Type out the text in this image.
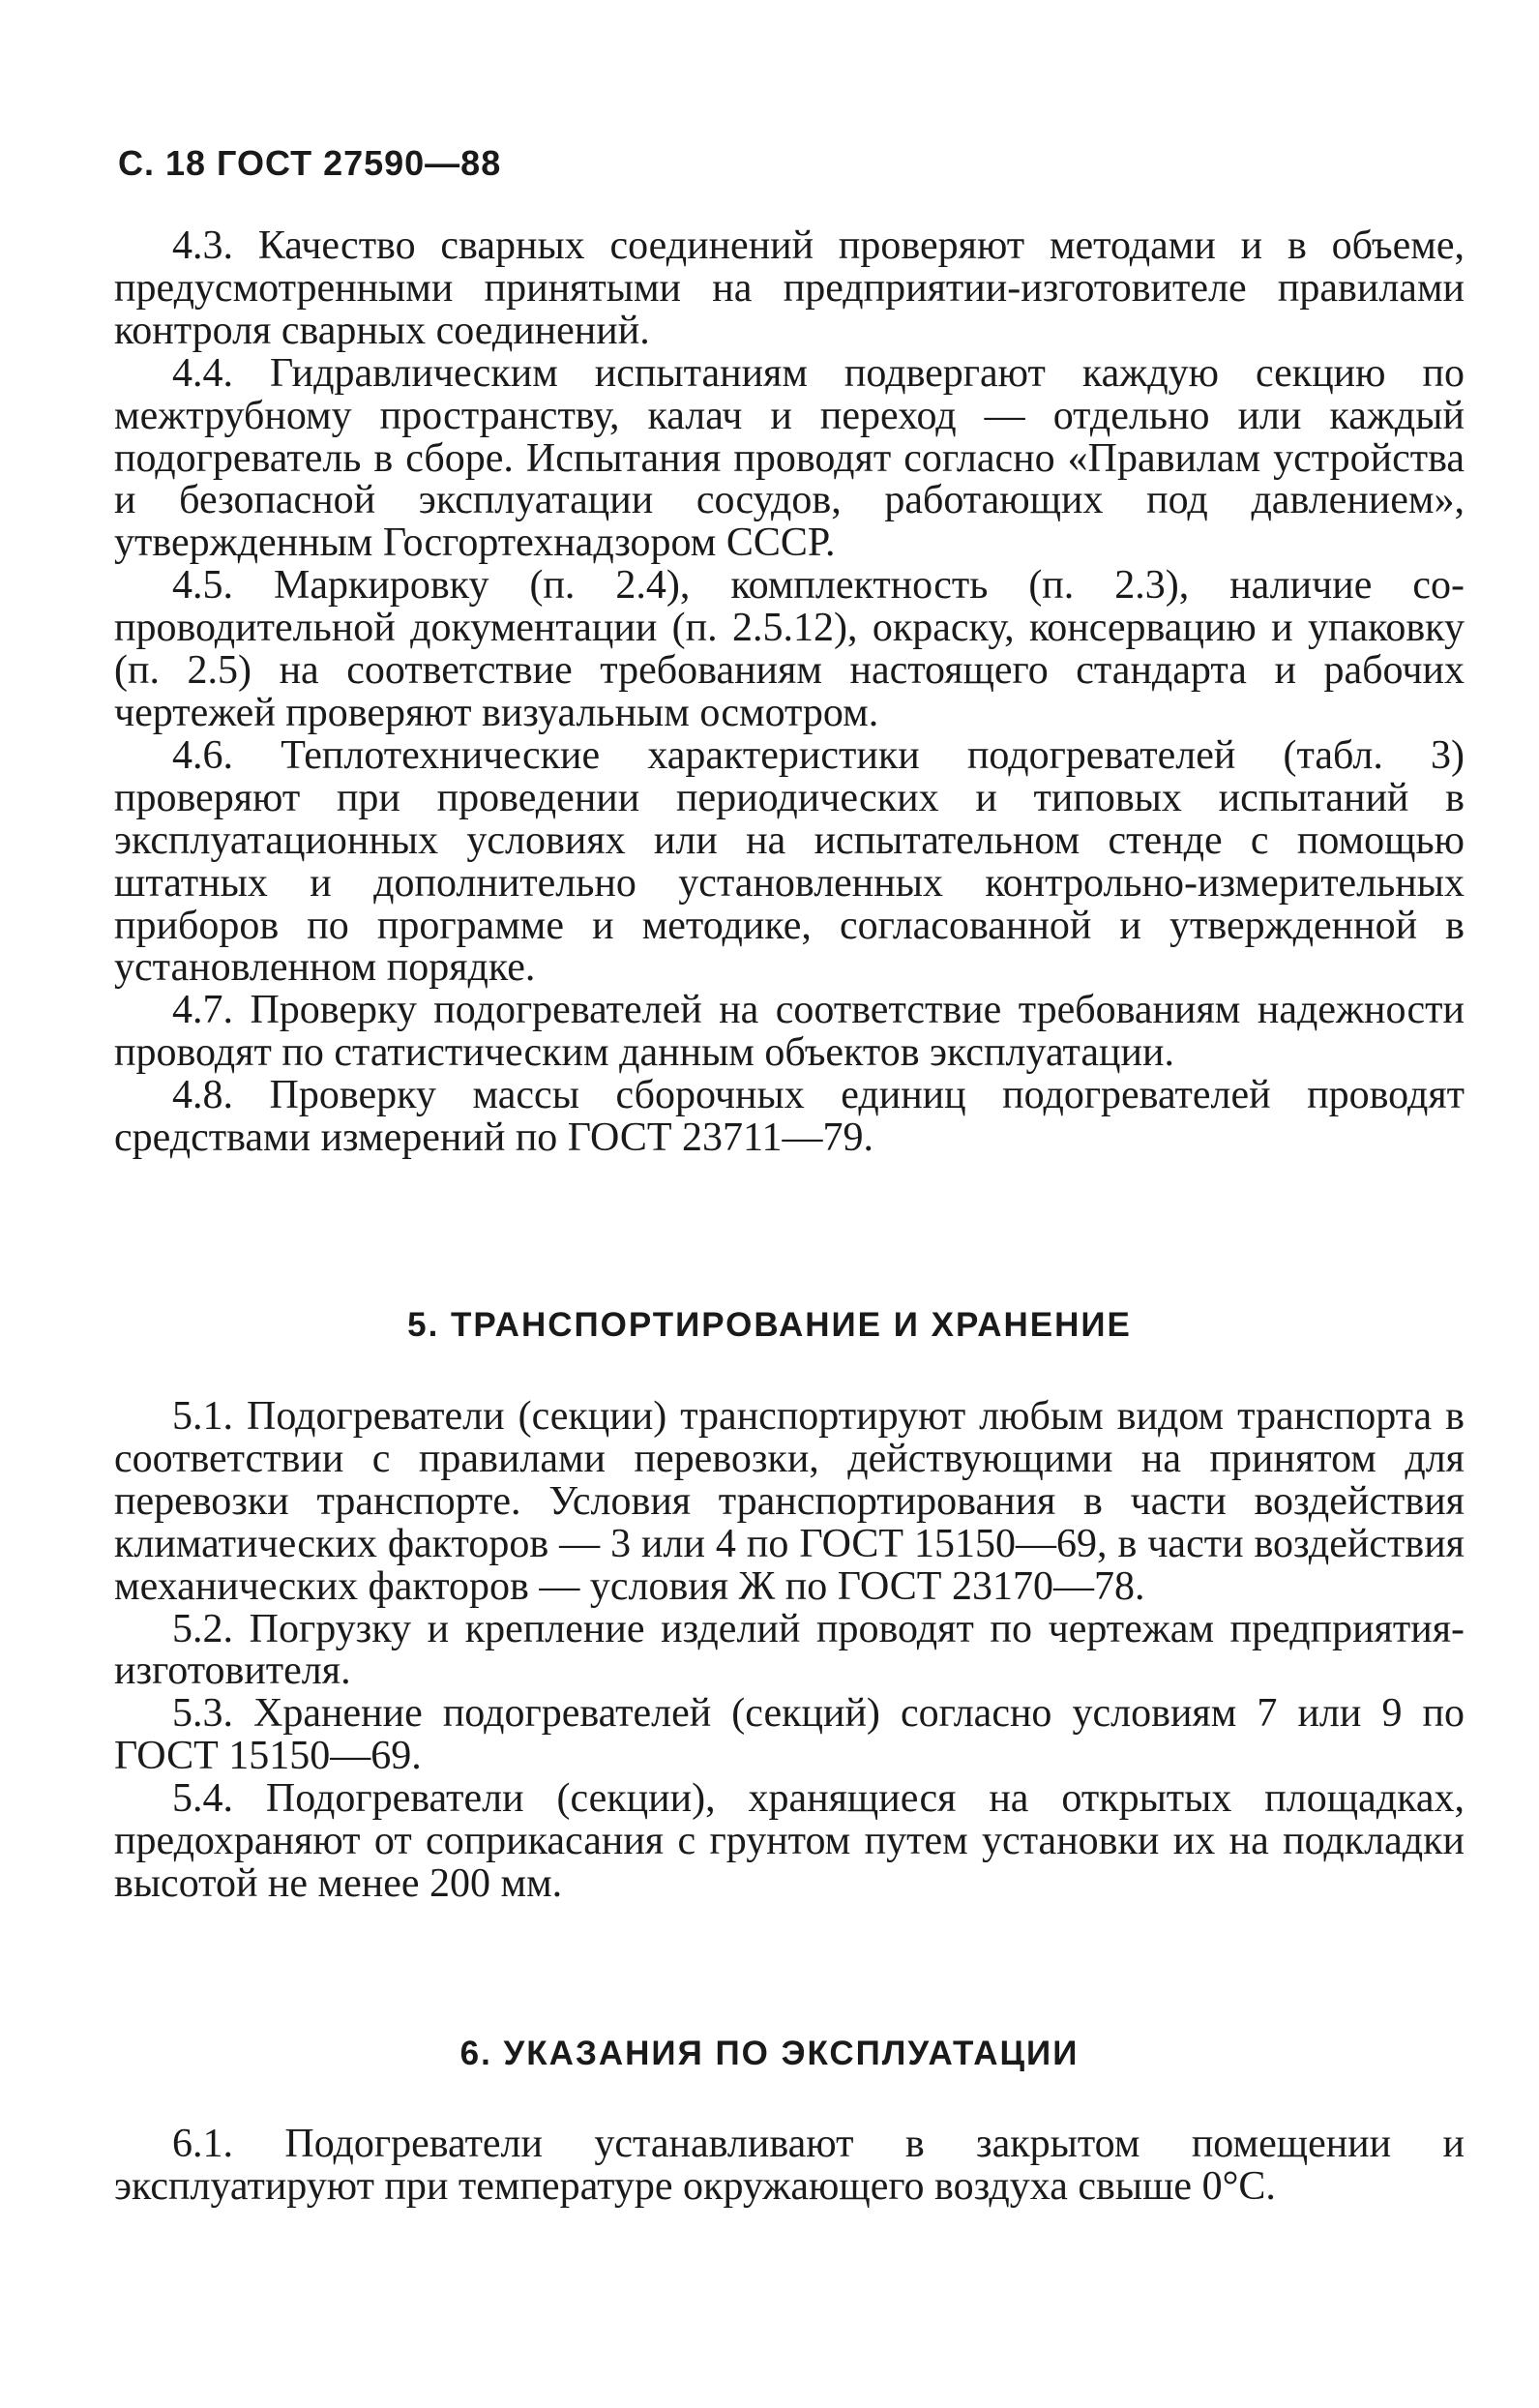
С. 18 ГОСТ 27590—88

4.3. Качество сварных соединений проверяют методами и в объеме, предусмотренными принятыми на предприятии-изготовителе правилами контроля сварных соединений.

4.4. Гидравлическим испытаниям подвергают каждую секцию по межтрубному пространству, калач и переход — отдельно или каждый подогреватель в сборе. Испытания проводят согласно «Правилам устройства и безопасной эксплуатации сосудов, работающих под давлением», утвержденным Госгортехнадзором СССР.

4.5. Маркировку (п. 2.4), комплектность (п. 2.3), наличие сопроводительной документации (п. 2.5.12), окраску, консервацию и упаковку (п. 2.5) на соответствие требованиям настоящего стандарта и рабочих чертежей проверяют визуальным осмотром.

4.6. Теплотехнические характеристики подогревателей (табл. 3) проверяют при проведении периодических и типовых испытаний в эксплуатационных условиях или на испытательном стенде с помощью штатных и дополнительно установленных контрольно-измерительных приборов по программе и методике, согласованной и утвержденной в установленном порядке.

4.7. Проверку подогревателей на соответствие требованиям надежности проводят по статистическим данным объектов эксплуатации.

4.8. Проверку массы сборочных единиц подогревателей проводят средствами измерений по ГОСТ 23711—79.

5. ТРАНСПОРТИРОВАНИЕ И ХРАНЕНИЕ

5.1. Подогреватели (секции) транспортируют любым видом транспорта в соответствии с правилами перевозки, действующими на принятом для перевозки транспорте. Условия транспортирования в части воздействия климатических факторов — 3 или 4 по ГОСТ 15150—69, в части воздействия механических факторов — условия Ж по ГОСТ 23170—78.

5.2. Погрузку и крепление изделий проводят по чертежам предприятия-изготовителя.

5.3. Хранение подогревателей (секций) согласно условиям 7 или 9 по ГОСТ 15150—69.

5.4. Подогреватели (секции), хранящиеся на открытых площадках, предохраняют от соприкасания с грунтом путем установки их на подкладки высотой не менее 200 мм.

6. УКАЗАНИЯ ПО ЭКСПЛУАТАЦИИ

6.1. Подогреватели устанавливают в закрытом помещении и эксплуатируют при температуре окружающего воздуха свыше 0°С.
